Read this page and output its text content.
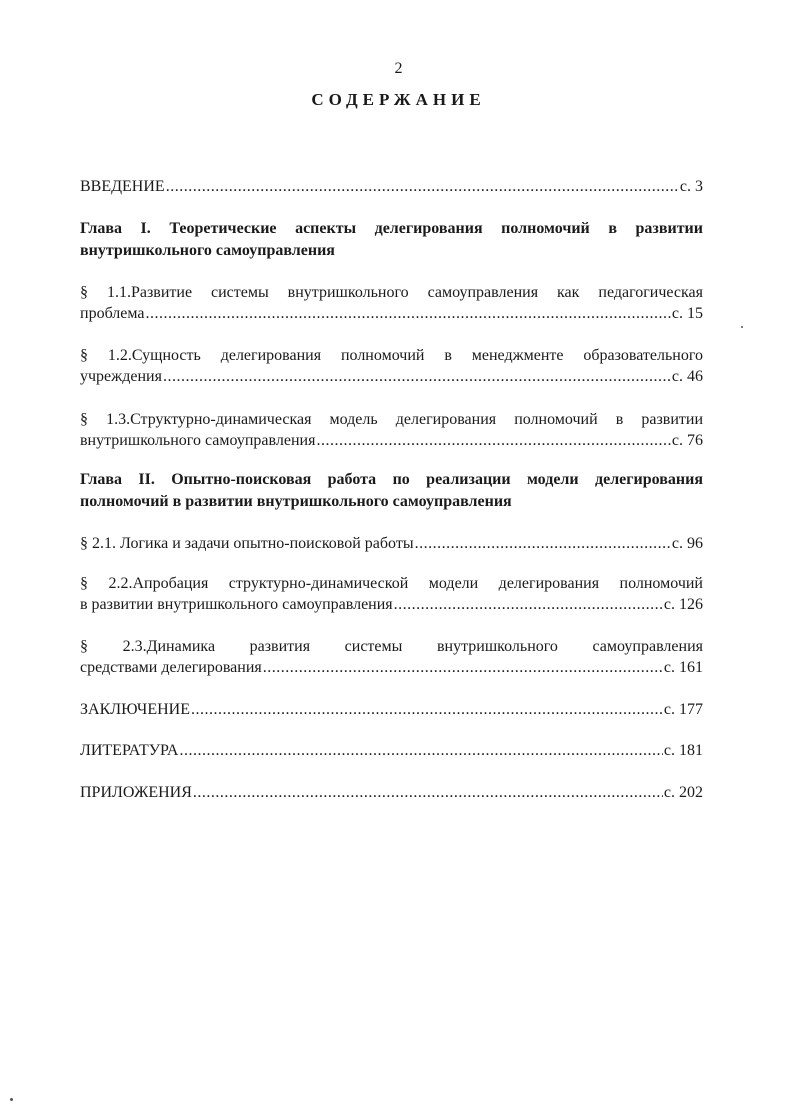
2
СОДЕРЖАНИЕ
ВВЕДЕНИЕ .....	с. 3
Глава I. Теоретические аспекты делегирования полномочий в развитии
внутришкольного самоуправления
§ 1.1.Развитие системы внутришкольного самоуправления как педагогическая
проблема .....	с. 15
§ 1.2.Сущность делегирования полномочий в менеджменте образовательного
учреждения .....	с. 46
§ 1.3.Структурно-динамическая модель делегирования полномочий в развитии
внутришкольного самоуправления .....	с. 76
Глава II. Опытно-поисковая работа по реализации модели делегирования
полномочий в развитии внутришкольного самоуправления
§ 2.1. Логика и задачи опытно-поисковой работы .....	с. 96
§ 2.2.Апробация структурно-динамической модели делегирования полномочий
в развитии внутришкольного самоуправления .....	с. 126
§ 2.3.Динамика развития системы внутришкольного самоуправления
средствами делегирования .....	с. 161
ЗАКЛЮЧЕНИЕ .....	с. 177
ЛИТЕРАТУРА .....	с. 181
ПРИЛОЖЕНИЯ .....	с. 202
